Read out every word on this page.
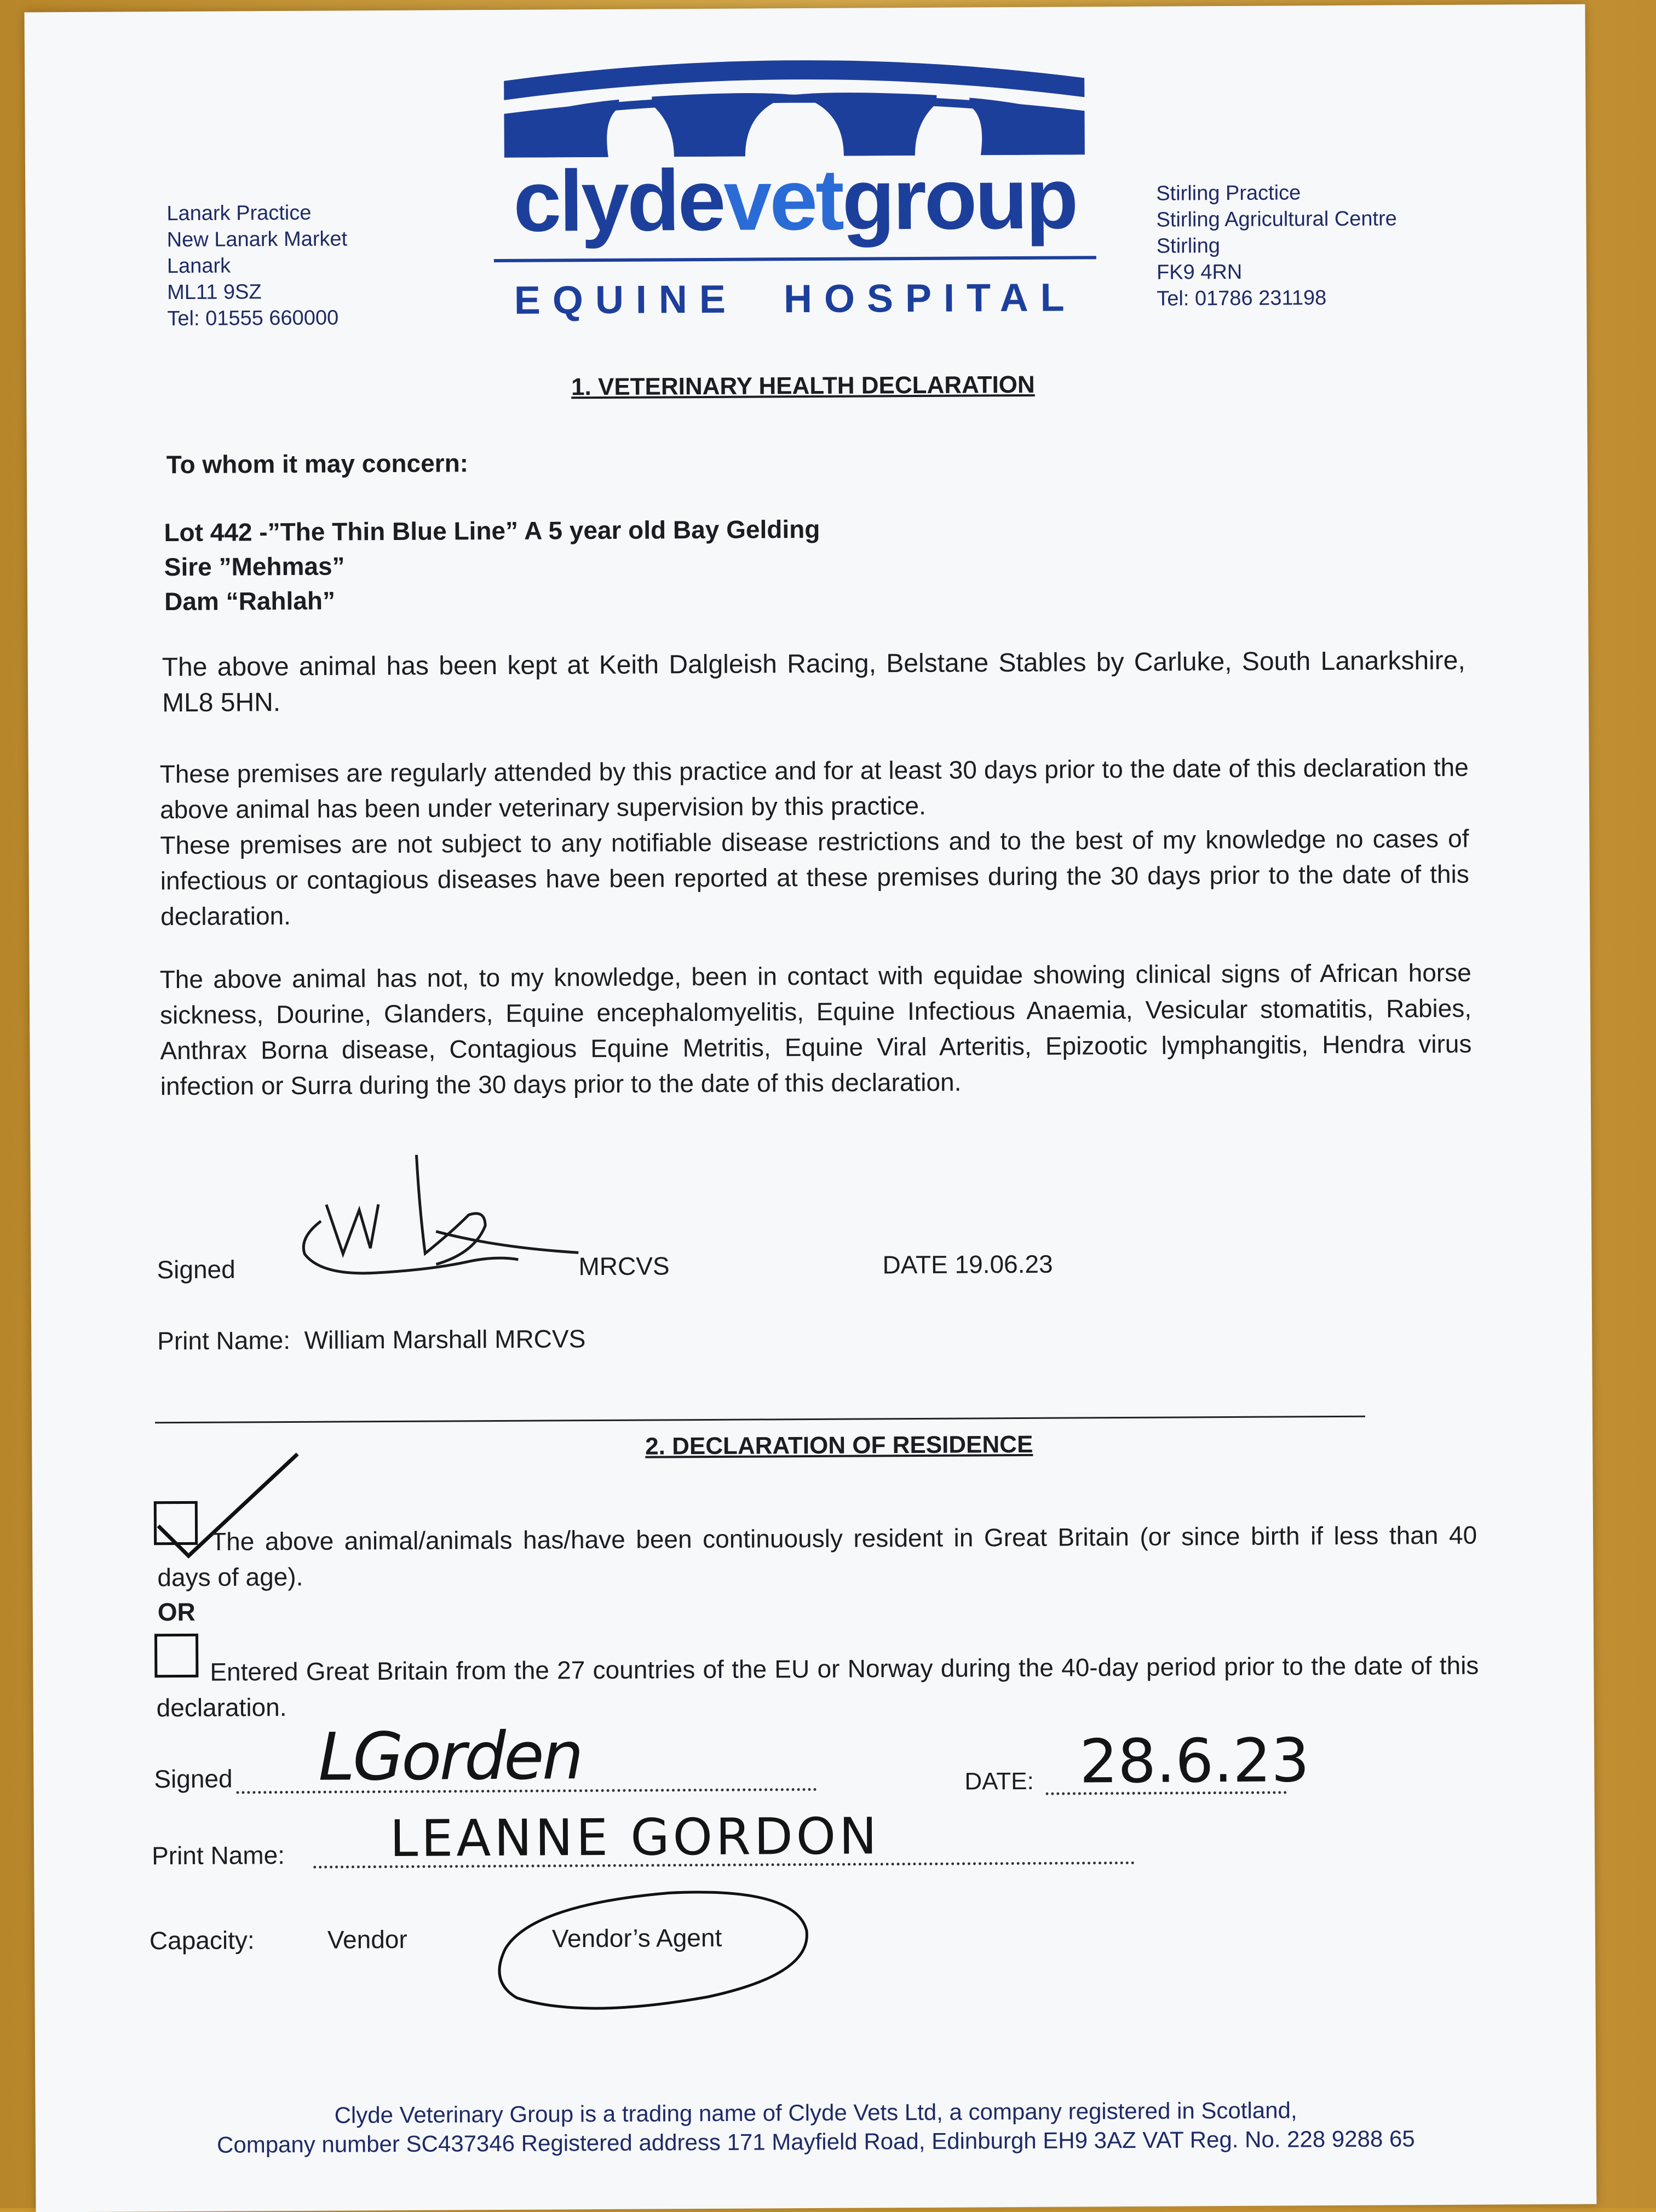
Lanark Practice
New Lanark Market
Lanark
ML11 9SZ
Tel: 01555 660000
clydevetgroup
EQUINE  HOSPITAL
Stirling Practice
Stirling Agricultural Centre
Stirling
FK9 4RN
Tel: 01786 231198
1. VETERINARY HEALTH DECLARATION
To whom it may concern:
Lot 442 -”The Thin Blue Line” A 5 year old Bay Gelding
Sire ”Mehmas”
Dam “Rahlah”
The above animal has been kept at Keith Dalgleish Racing, Belstane Stables by Carluke, South Lanarkshire, ML8 5HN.
These premises are regularly attended by this practice and for at least 30 days prior to the date of this declaration the above animal has been under veterinary supervision by this practice.
These premises are not subject to any notifiable disease restrictions and to the best of my knowledge no cases of infectious or contagious diseases have been reported at these premises during the 30 days prior to the date of this declaration.
The above animal has not, to my knowledge, been in contact with equidae showing clinical signs of African horse sickness, Dourine, Glanders, Equine encephalomyelitis, Equine Infectious Anaemia, Vesicular stomatitis, Rabies, Anthrax Borna disease, Contagious Equine Metritis, Equine Viral Arteritis, Epizootic lymphangitis, Hendra virus infection or Surra during the 30 days prior to the date of this declaration.
Signed	MRCVS	DATE 19.06.23
Print Name:  William Marshall MRCVS
2. DECLARATION OF RESIDENCE
The above animal/animals has/have been continuously resident in Great Britain (or since birth if less than 40 days of age).
OR
Entered Great Britain from the 27 countries of the EU or Norway during the 40-day period prior to the date of this declaration.
Signed LGorden	DATE: 28.6.23
Print Name: LEANNE GORDON
Capacity:	Vendor	Vendor’s Agent
Clyde Veterinary Group is a trading name of Clyde Vets Ltd, a company registered in Scotland,
Company number SC437346 Registered address 171 Mayfield Road, Edinburgh EH9 3AZ VAT Reg. No. 228 9288 65
